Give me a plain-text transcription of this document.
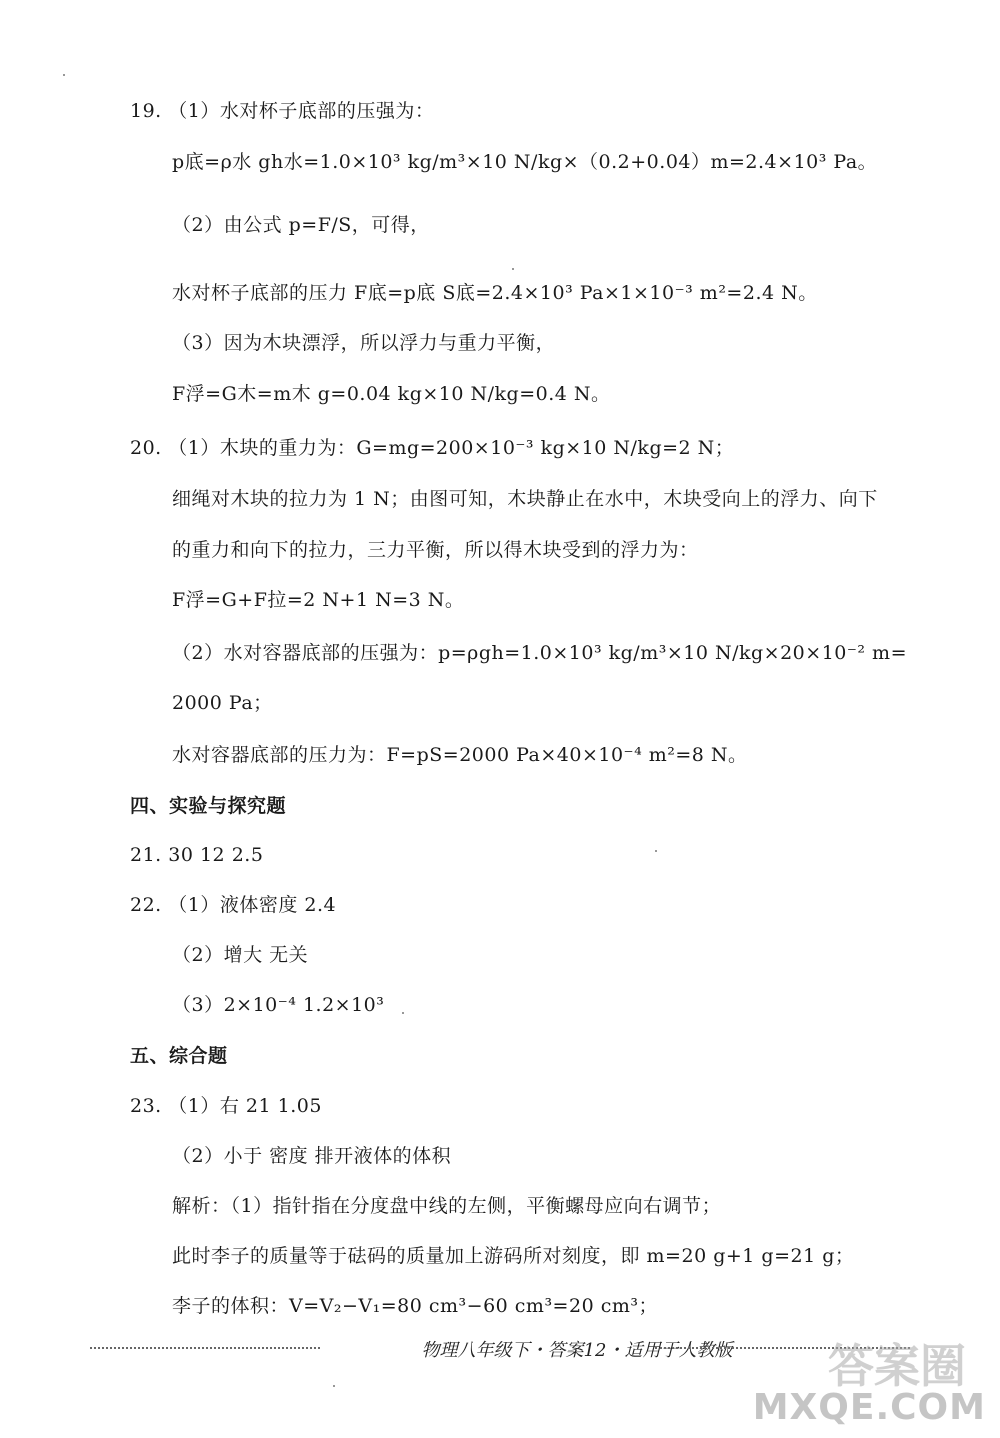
19. （1）水对杯子底部的压强为：
p底=ρ水 gh水=1.0×10³ kg/m³×10 N/kg×（0.2+0.04）m=2.4×10³ Pa。
（2）由公式 p=F/S，可得，
水对杯子底部的压力 F底=p底 S底=2.4×10³ Pa×1×10⁻³ m²=2.4 N。
（3）因为木块漂浮，所以浮力与重力平衡，
F浮=G木=m木 g=0.04 kg×10 N/kg=0.4 N。
20. （1）木块的重力为：G=mg=200×10⁻³ kg×10 N/kg=2 N；
细绳对木块的拉力为 1 N；由图可知，木块静止在水中，木块受向上的浮力、向下
的重力和向下的拉力，三力平衡，所以得木块受到的浮力为：
F浮=G+F拉=2 N+1 N=3 N。
（2）水对容器底部的压强为：p=ρgh=1.0×10³ kg/m³×10 N/kg×20×10⁻² m=
2000 Pa；
水对容器底部的压力为：F=pS=2000 Pa×40×10⁻⁴ m²=8 N。
四、实验与探究题
21. 30 12 2.5
22. （1）液体密度 2.4
（2）增大 无关
（3）2×10⁻⁴ 1.2×10³
五、综合题
23. （1）右 21 1.05
（2）小于 密度 排开液体的体积
解析：（1）指针指在分度盘中线的左侧，平衡螺母应向右调节；
此时李子的质量等于砝码的质量加上游码所对刻度，即 m=20 g+1 g=21 g；
李子的体积：V=V₂−V₁=80 cm³−60 cm³=20 cm³；
物理八年级下・答案12・适用于人教版 答案圈
MXQE.COM
